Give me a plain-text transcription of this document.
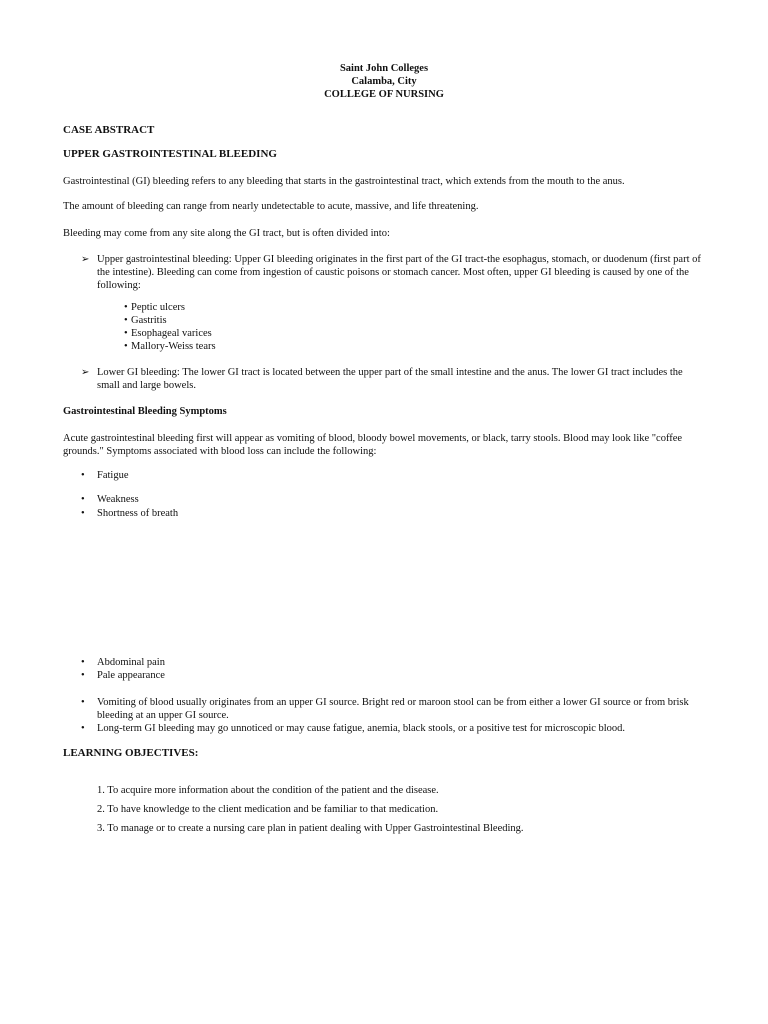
Saint John Colleges
Calamba, City
COLLEGE OF NURSING
CASE ABSTRACT
UPPER GASTROINTESTINAL BLEEDING
Gastrointestinal (GI) bleeding refers to any bleeding that starts in the gastrointestinal tract, which extends from the mouth to the anus.
The amount of bleeding can range from nearly undetectable to acute, massive, and life threatening.
Bleeding may come from any site along the GI tract, but is often divided into:
➢ Upper gastrointestinal bleeding: Upper GI bleeding originates in the first part of the GI tract-the esophagus, stomach, or duodenum (first part of the intestine). Bleeding can come from ingestion of caustic poisons or stomach cancer. Most often, upper GI bleeding is caused by one of the following:
• Peptic ulcers
• Gastritis
• Esophageal varices
• Mallory-Weiss tears
➢ Lower GI bleeding: The lower GI tract is located between the upper part of the small intestine and the anus. The lower GI tract includes the small and large bowels.
Gastrointestinal Bleeding Symptoms
Acute gastrointestinal bleeding first will appear as vomiting of blood, bloody bowel movements, or black, tarry stools. Blood may look like "coffee grounds." Symptoms associated with blood loss can include the following:
• Fatigue
• Weakness
• Shortness of breath
• Abdominal pain
• Pale appearance
• Vomiting of blood usually originates from an upper GI source. Bright red or maroon stool can be from either a lower GI source or from brisk bleeding at an upper GI source.
• Long-term GI bleeding may go unnoticed or may cause fatigue, anemia, black stools, or a positive test for microscopic blood.
LEARNING OBJECTIVES:
1. To acquire more information about the condition of the patient and the disease.
2. To have knowledge to the client medication and be familiar to that medication.
3. To manage or to create a nursing care plan in patient dealing with Upper Gastrointestinal Bleeding.
